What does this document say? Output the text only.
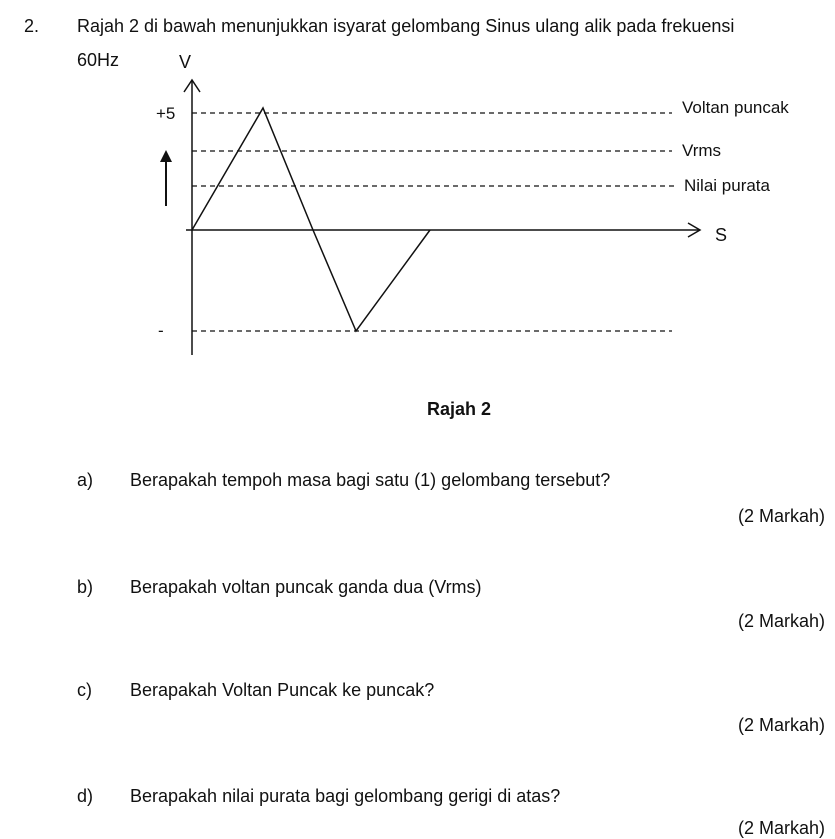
2. Rajah 2 di bawah menunjukkan isyarat gelombang Sinus ulang alik pada frekuensi
60Hz	V
S
+5
-
Voltan puncak
Vrms
Nilai purata
Rajah 2
a) Berapakah tempoh masa bagi satu (1) gelombang tersebut?
(2 Markah)
b) Berapakah voltan puncak ganda dua (Vrms)
(2 Markah)
c) Berapakah Voltan Puncak ke puncak?
(2 Markah)
d) Berapakah nilai purata bagi gelombang gerigi di atas?
(2 Markah)
